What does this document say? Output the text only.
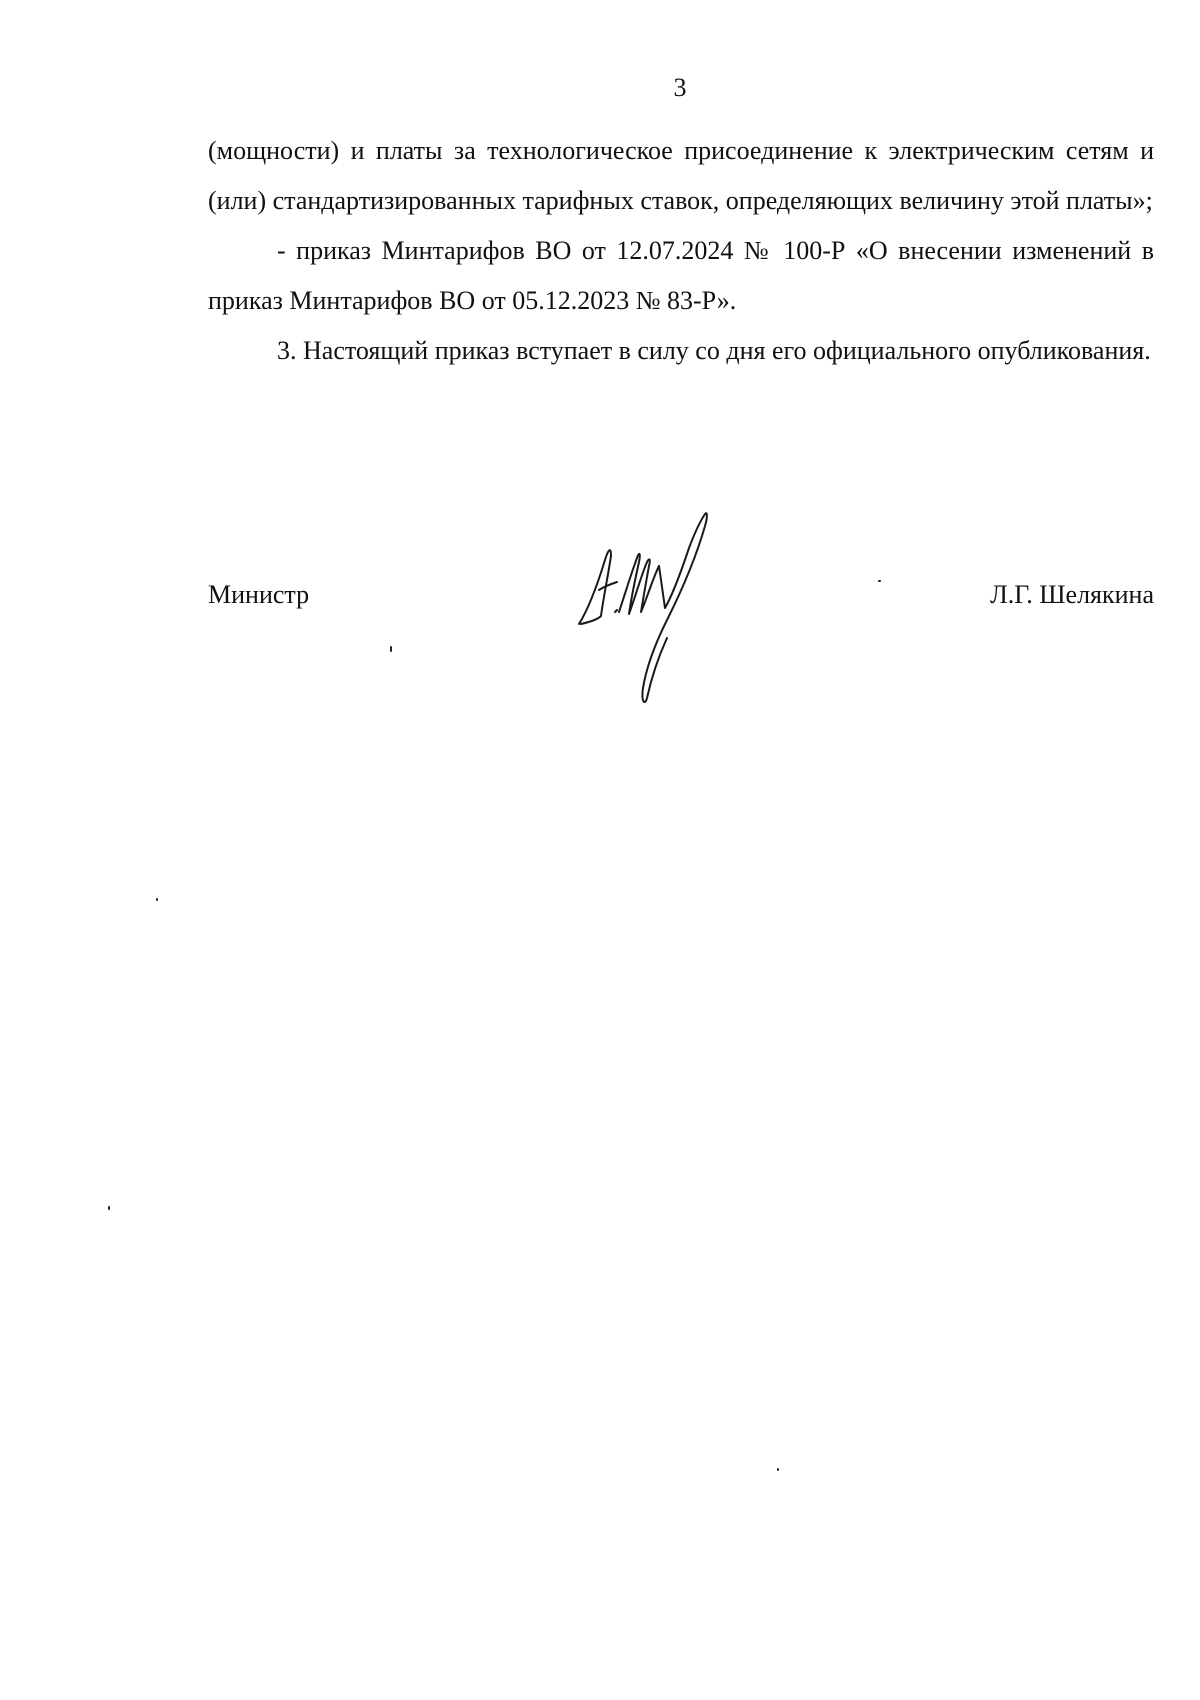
3

(мощности) и платы за технологическое присоединение к электрическим сетям и (или) стандартизированных тарифных ставок, определяющих величину этой платы»;

- приказ Минтарифов ВО от 12.07.2024 № 100-Р «О внесении изменений в приказ Минтарифов ВО от 05.12.2023 № 83-Р».

3. Настоящий приказ вступает в силу со дня его официального опубликования.

Министр	Л.Г. Шелякина
